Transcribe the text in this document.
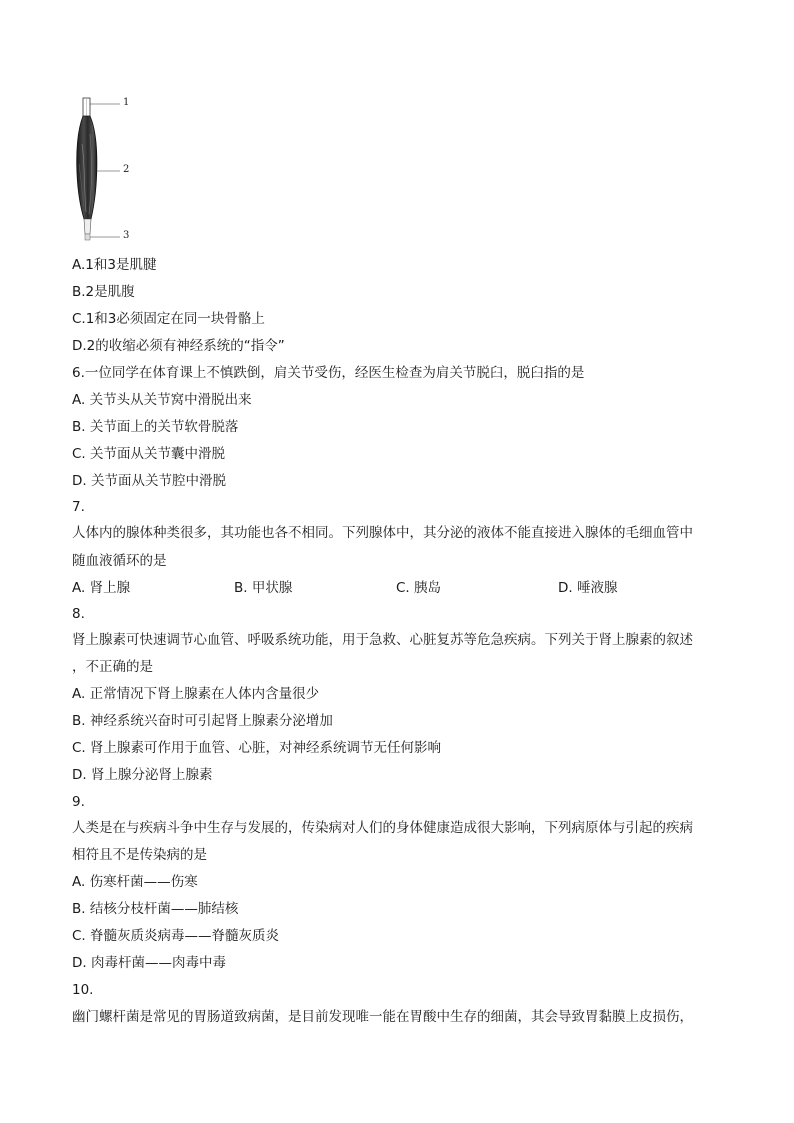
1
2
3
A.1和3是肌腱
B.2是肌腹
C.1和3必须固定在同一块骨骼上
D.2的收缩必须有神经系统的“指令”
6.一位同学在体育课上不慎跌倒，肩关节受伤，经医生检查为肩关节脱臼，脱臼指的是
A. 关节头从关节窝中滑脱出来
B. 关节面上的关节软骨脱落
C. 关节面从关节囊中滑脱
D. 关节面从关节腔中滑脱
7.
人体内的腺体种类很多，其功能也各不相同。下列腺体中，其分泌的液体不能直接进入腺体的毛细血管中
随血液循环的是
A. 肾上腺	B. 甲状腺	C. 胰岛	D. 唾液腺
8.
肾上腺素可快速调节心血管、呼吸系统功能，用于急救、心脏复苏等危急疾病。下列关于肾上腺素的叙述
，不正确的是
A. 正常情况下肾上腺素在人体内含量很少
B. 神经系统兴奋时可引起肾上腺素分泌增加
C. 肾上腺素可作用于血管、心脏，对神经系统调节无任何影响
D. 肾上腺分泌肾上腺素
9.
人类是在与疾病斗争中生存与发展的，传染病对人们的身体健康造成很大影响，下列病原体与引起的疾病
相符且不是传染病的是
A. 伤寒杆菌——伤寒
B. 结核分枝杆菌——肺结核
C. 脊髓灰质炎病毒——脊髓灰质炎
D. 肉毒杆菌——肉毒中毒
10.
幽门螺杆菌是常见的胃肠道致病菌，是目前发现唯一能在胃酸中生存的细菌，其会导致胃黏膜上皮损伤，
